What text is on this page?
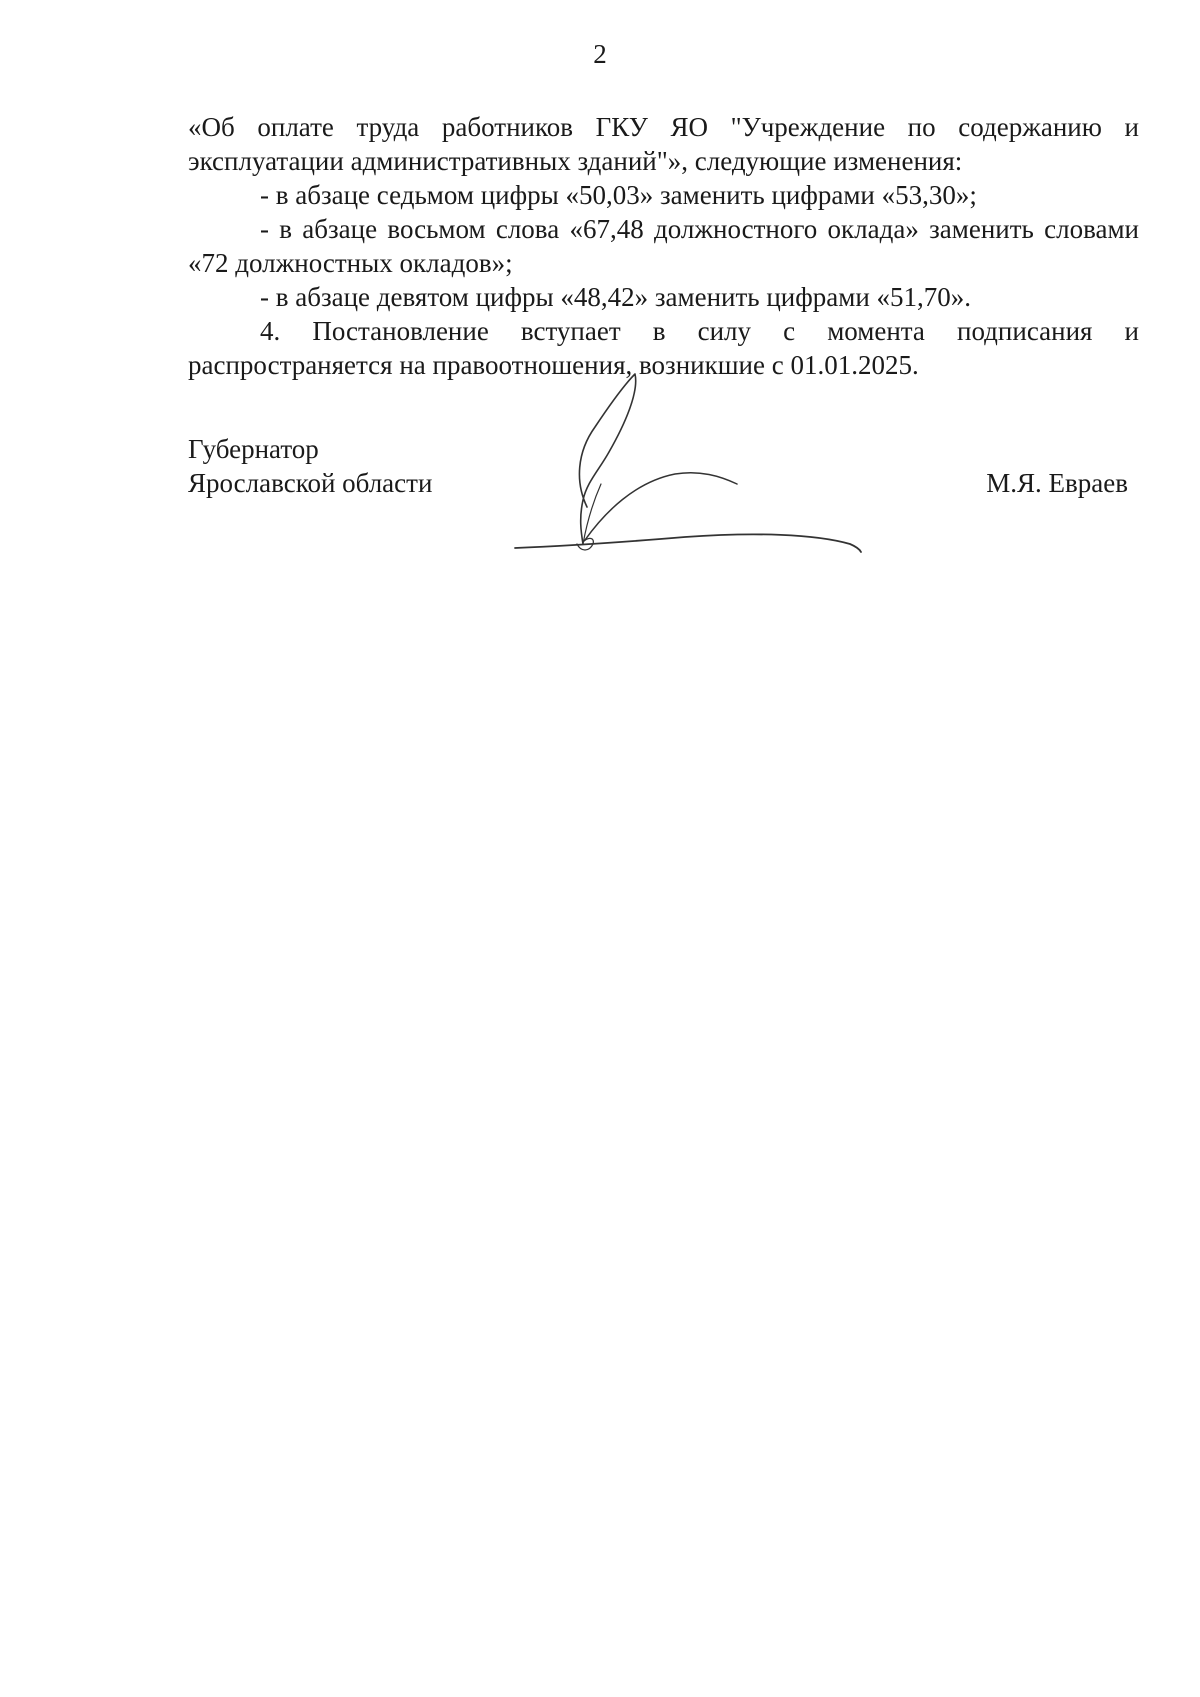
2

«Об оплате труда работников ГКУ ЯО "Учреждение по содержанию и эксплуатации административных зданий"», следующие изменения:

- в абзаце седьмом цифры «50,03» заменить цифрами «53,30»;

- в абзаце восьмом слова «67,48 должностного оклада» заменить словами «72 должностных окладов»;

- в абзаце девятом цифры «48,42» заменить цифрами «51,70».

4. Постановление вступает в силу с момента подписания и распространяется на правоотношения, возникшие с 01.01.2025.

Губернатор
Ярославской области	М.Я. Евраев
